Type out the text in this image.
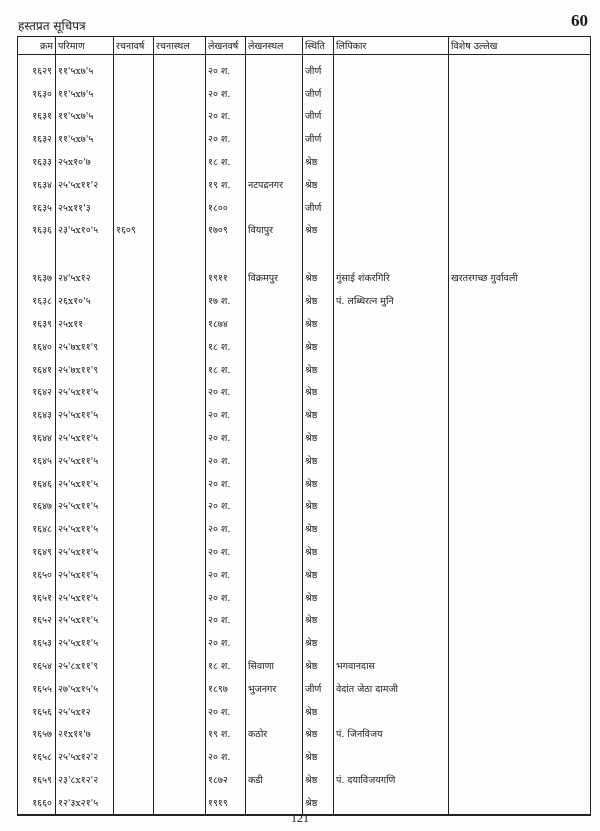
हस्तप्रत सूचिपत्र	60
क्रम	परिमाण	रचनावर्ष	रचनास्थल	लेखनवर्ष	लेखनस्थल	स्थिति	लिपिकार	विशेष उल्लेख
१६२९	११'५x७'५			२० श.		जीर्ण		
१६३०	११'५x७'५			२० श.		जीर्ण		
१६३१	११'५x७'५			२० श.		जीर्ण		
१६३२	११'५x७'५			२० श.		जीर्ण		
१६३३	२५x१०'७			१८ श.		श्रेष्ठ		
१६३४	२५'५x११'२			१९ श.	नटपद्रनगर	श्रेष्ठ		
१६३५	२५x११'३			१८००		जीर्ण		
१६३६	२३'५x१०'५	१६०९		१७०९	वियापुर	श्रेष्ठ		
१६३७	२४'५x१२			१९११	विक्रमपुर	श्रेष्ठ	गुंसाई शंकरगिरि	खरतरगच्छ गुर्वावली
१६३८	२६x१०'५			१७ श.		श्रेष्ठ	पं. लब्धिरत्न मुनि	
१६३९	२५x११			१८७४		श्रेष्ठ		
१६४०	२५'७x११'९			१८ श.		श्रेष्ठ		
१६४१	२५'७x११'९			१८ श.		श्रेष्ठ		
१६४२	२५'५x११'५			२० श.		श्रेष्ठ		
१६४३	२५'५x११'५			२० श.		श्रेष्ठ		
१६४४	२५'५x११'५			२० श.		श्रेष्ठ		
१६४५	२५'५x११'५			२० श.		श्रेष्ठ		
१६४६	२५'५x११'५			२० श.		श्रेष्ठ		
१६४७	२५'५x११'५			२० श.		श्रेष्ठ		
१६४८	२५'५x११'५			२० श.		श्रेष्ठ		
१६४९	२५'५x११'५			२० श.		श्रेष्ठ		
१६५०	२५'५x११'५			२० श.		श्रेष्ठ		
१६५१	२५'५x११'५			२० श.		श्रेष्ठ		
१६५२	२५'५x११'५			२० श.		श्रेष्ठ		
१६५३	२५'५x११'५			२० श.		श्रेष्ठ		
१६५४	२५'८x११'९			१८ श.	सिवाणा	श्रेष्ठ	भगवानदास	
१६५५	२७'५x१५'५			१८९७	भुजनगर	जीर्ण	वेदांत जेठा दामजी	
१६५६	२५'५x१२			२० श.		श्रेष्ठ		
१६५७	२१x११'७			१९ श.	कठोर	श्रेष्ठ	पं. जिनविजय	
१६५८	२५'५x१२'२			२० श.		श्रेष्ठ		
१६५९	२३'८x१२'२			१८७२	कडी	श्रेष्ठ	पं. दयाविजयगणि	
१६६०	१२'३x२१'५			१९१९		श्रेष्ठ		
121
